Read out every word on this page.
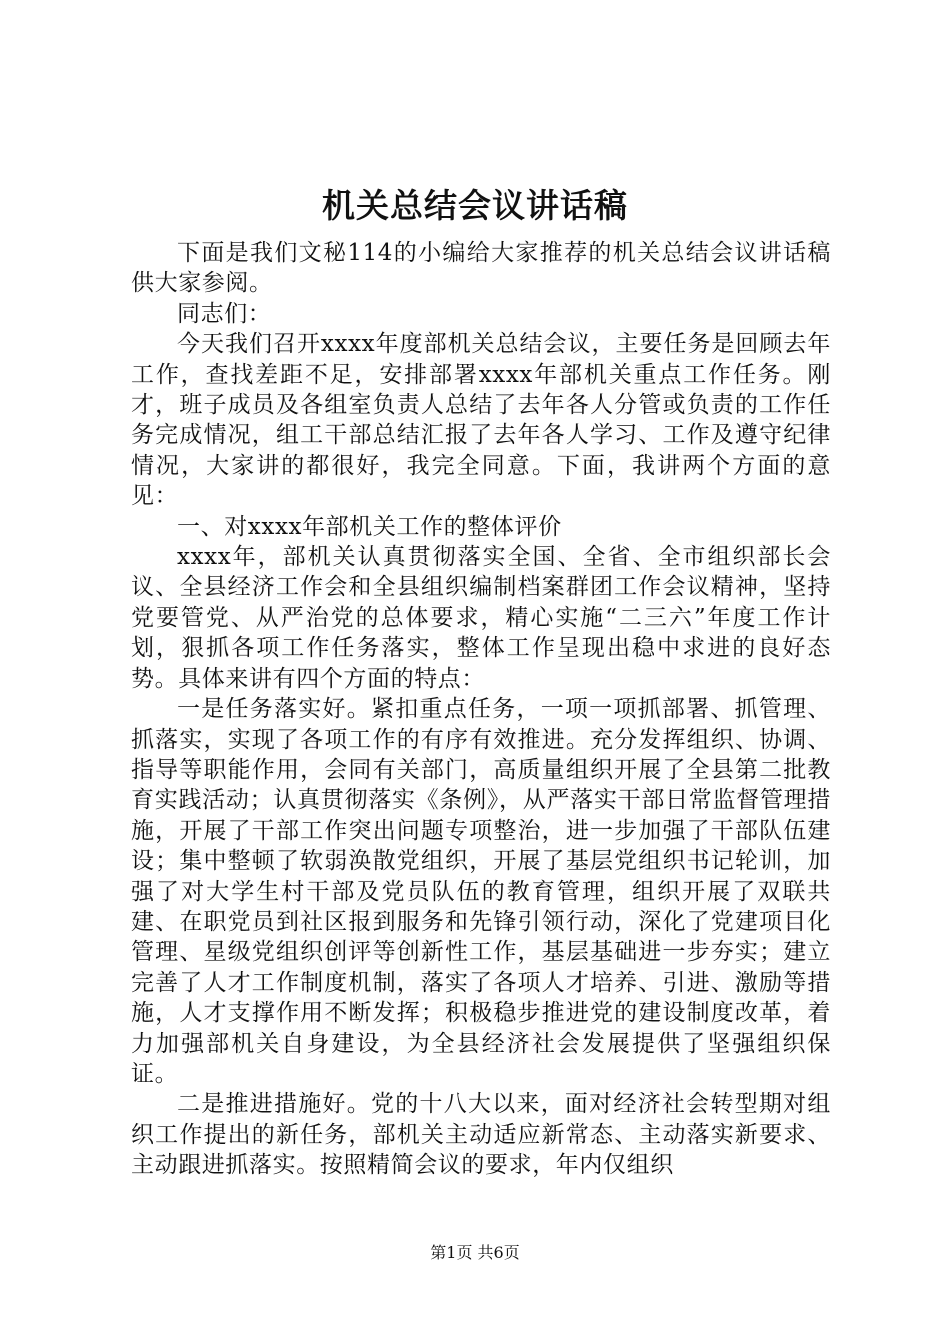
机关总结会议讲话稿

下面是我们文秘114的小编给大家推荐的机关总结会议讲话稿供大家参阅。

同志们：

今天我们召开xxxx年度部机关总结会议，主要任务是回顾去年工作，查找差距不足，安排部署xxxx年部机关重点工作任务。刚才，班子成员及各组室负责人总结了去年各人分管或负责的工作任务完成情况，组工干部总结汇报了去年各人学习、工作及遵守纪律情况，大家讲的都很好，我完全同意。下面，我讲两个方面的意见：

一、对xxxx年部机关工作的整体评价

xxxx年，部机关认真贯彻落实全国、全省、全市组织部长会议、全县经济工作会和全县组织编制档案群团工作会议精神，坚持党要管党、从严治党的总体要求，精心实施“二三六”年度工作计划，狠抓各项工作任务落实，整体工作呈现出稳中求进的良好态势。具体来讲有四个方面的特点：

一是任务落实好。紧扣重点任务，一项一项抓部署、抓管理、抓落实，实现了各项工作的有序有效推进。充分发挥组织、协调、指导等职能作用，会同有关部门，高质量组织开展了全县第二批教育实践活动；认真贯彻落实《条例》，从严落实干部日常监督管理措施，开展了干部工作突出问题专项整治，进一步加强了干部队伍建设；集中整顿了软弱涣散党组织，开展了基层党组织书记轮训，加强了对大学生村干部及党员队伍的教育管理，组织开展了双联共建、在职党员到社区报到服务和先锋引领行动，深化了党建项目化管理、星级党组织创评等创新性工作，基层基础进一步夯实；建立完善了人才工作制度机制，落实了各项人才培养、引进、激励等措施，人才支撑作用不断发挥；积极稳步推进党的建设制度改革，着力加强部机关自身建设，为全县经济社会发展提供了坚强组织保证。

二是推进措施好。党的十八大以来，面对经济社会转型期对组织工作提出的新任务，部机关主动适应新常态、主动落实新要求、主动跟进抓落实。按照精简会议的要求，年内仅组织

第1页 共6页
